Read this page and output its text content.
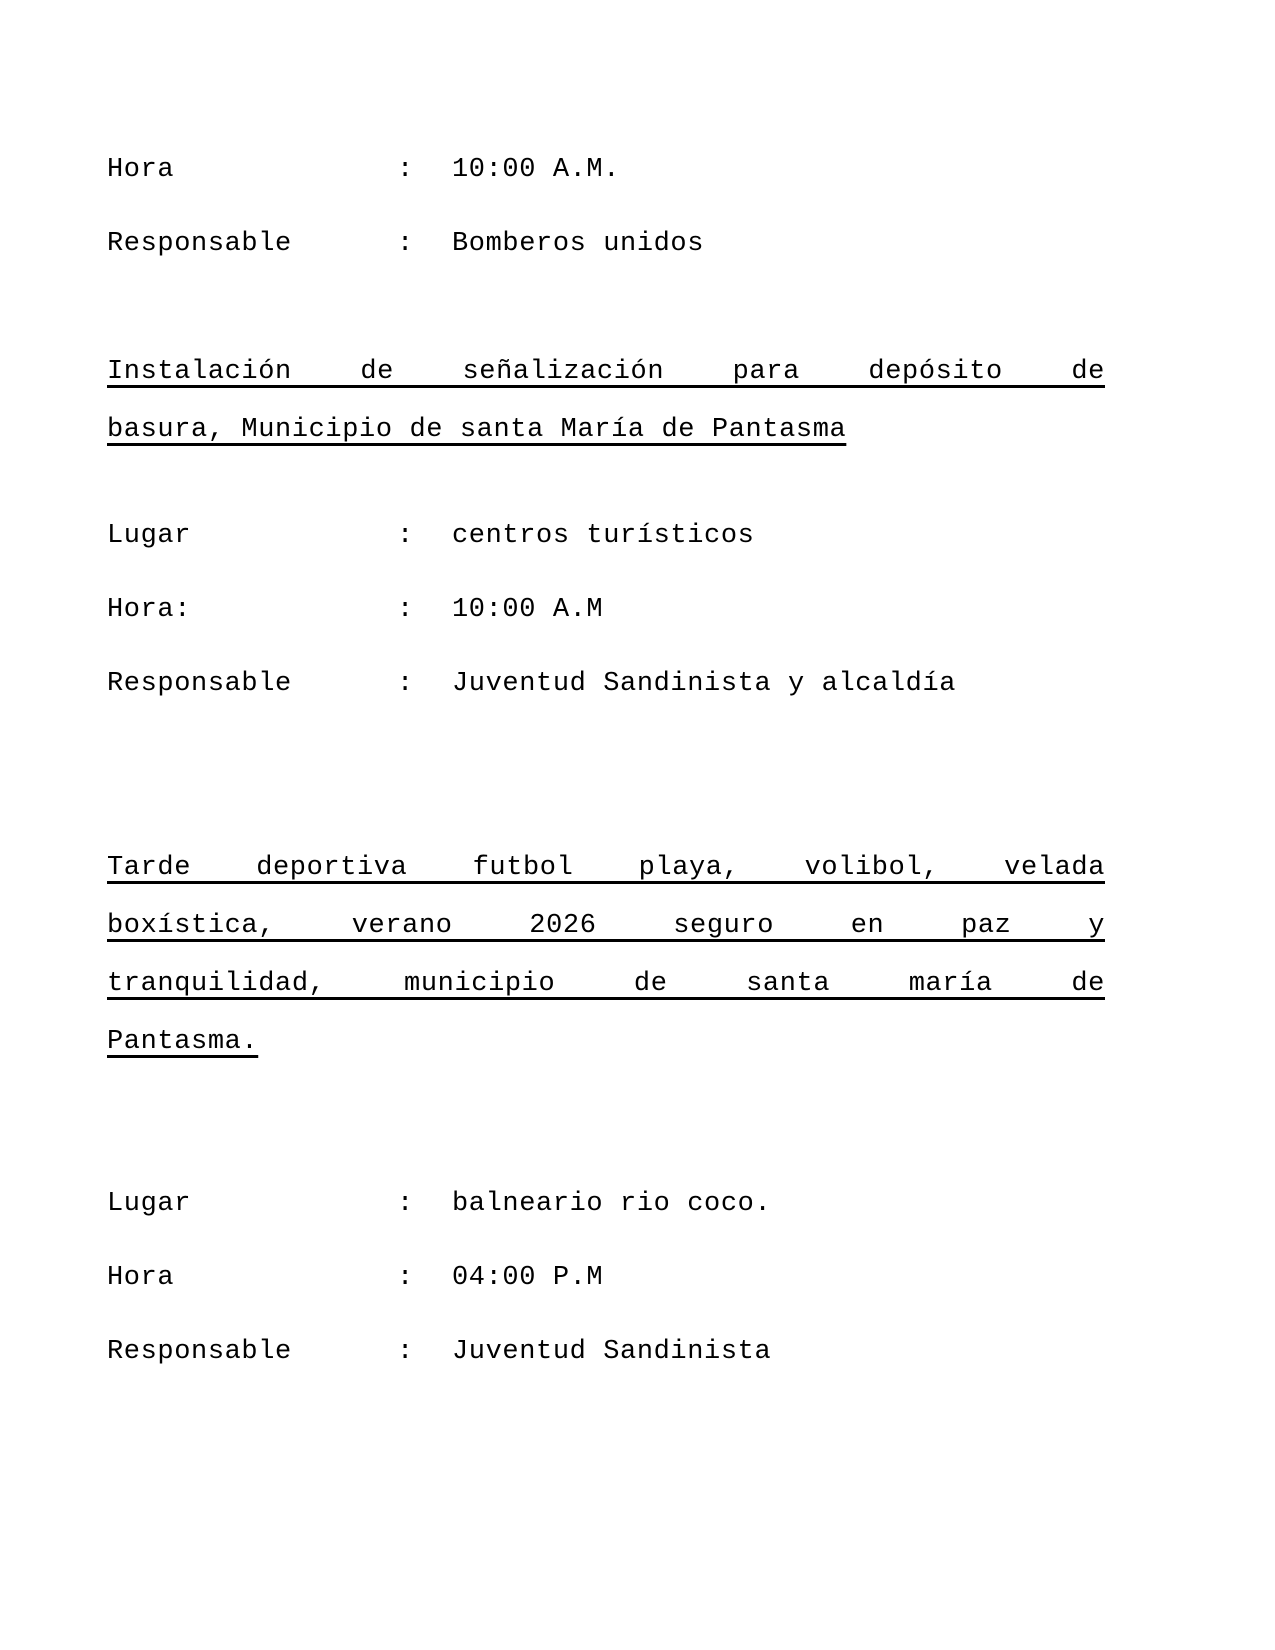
Hora	:	10:00 A.M.
Responsable	:	Bomberos unidos
Instalación de señalización para depósito de
basura, Municipio de santa María de Pantasma
Lugar	:	centros turísticos
Hora:	:	10:00 A.M
Responsable	:	Juventud Sandinista y alcaldía
Tarde deportiva futbol playa, volibol, velada
boxística, verano 2026 seguro en paz y
tranquilidad, municipio de santa maría de
Pantasma.
Lugar	:	balneario rio coco.
Hora	:	04:00 P.M
Responsable	:	Juventud Sandinista
